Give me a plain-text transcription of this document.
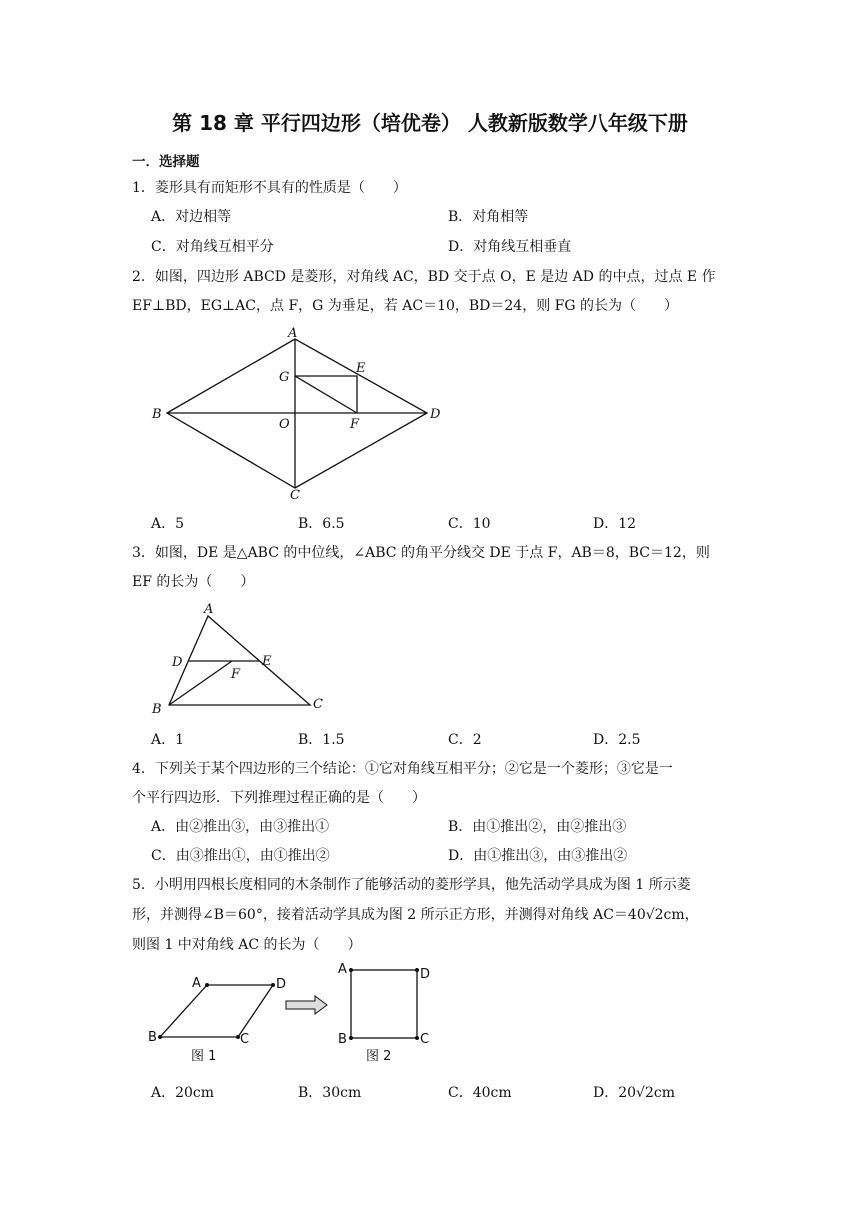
第 18 章 平行四边形（培优卷） 人教新版数学八年级下册
一．选择题
1．菱形具有而矩形不具有的性质是（　　）
A．对边相等	B．对角相等
C．对角线互相平分	D．对角线互相垂直
2．如图，四边形 ABCD 是菱形，对角线 AC，BD 交于点 O，E 是边 AD 的中点，过点 E 作
EF⊥BD，EG⊥AC，点 F，G 为垂足，若 AC＝10，BD＝24，则 FG 的长为（　　）
A
B
C
D
E
F
G
O
A．5	B．6.5	C．10	D．12
3．如图，DE 是△ABC 的中位线，∠ABC 的角平分线交 DE 于点 F，AB＝8，BC＝12，则
EF 的长为（　　）
A
B	C
D	E
F
A．1	B．1.5	C．2	D．2.5
4．下列关于某个四边形的三个结论：①它对角线互相平分；②它是一个菱形；③它是一
个平行四边形．下列推理过程正确的是（　　）
A．由②推出③，由③推出①	B．由①推出②，由②推出③
C．由③推出①，由①推出②	D．由①推出③，由③推出②
5．小明用四根长度相同的木条制作了能够活动的菱形学具，他先活动学具成为图 1 所示菱
形，并测得∠B＝60°，接着活动学具成为图 2 所示正方形，并测得对角线 AC＝40√2cm，
则图 1 中对角线 AC 的长为（　　）
A	D
B	C
图 1
A	D
B	C
图 2
A．20cm	B．30cm	C．40cm	D．20√2cm
